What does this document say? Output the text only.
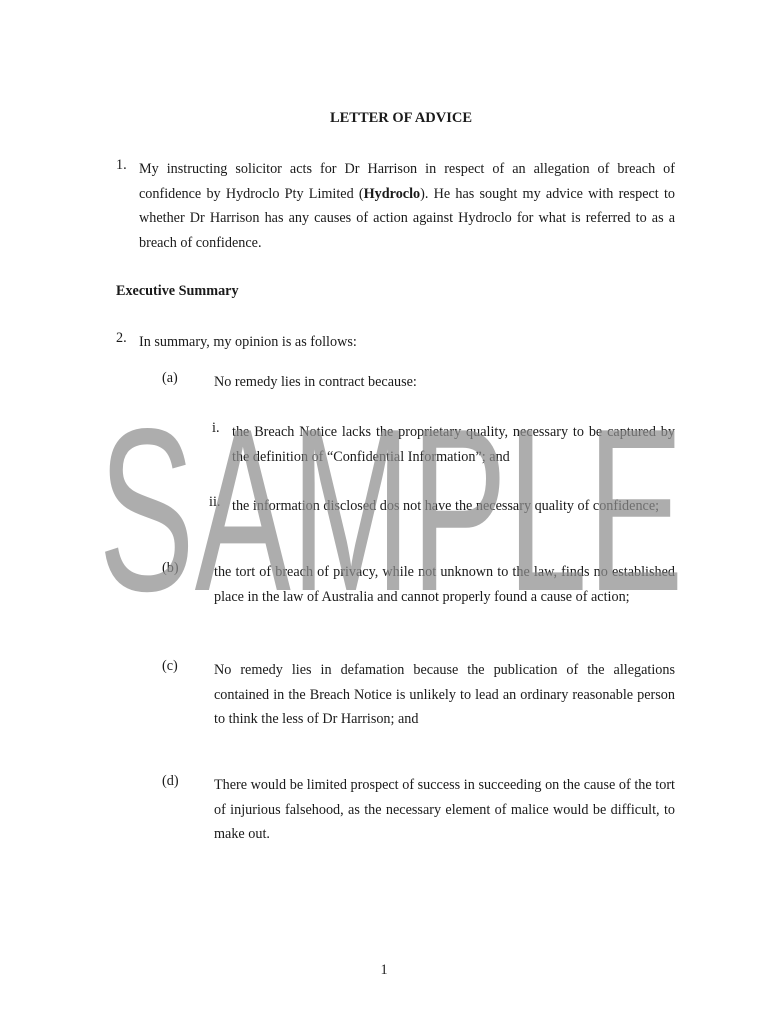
LETTER OF ADVICE
1. My instructing solicitor acts for Dr Harrison in respect of an allegation of breach of confidence by Hydroclo Pty Limited (Hydroclo). He has sought my advice with respect to whether Dr Harrison has any causes of action against Hydroclo for what is referred to as a breach of confidence.
Executive Summary
2. In summary, my opinion is as follows:
(a)	No remedy lies in contract because:
i. the Breach Notice lacks the proprietary quality, necessary to be captured by the definition of “Confidential Information”; and
ii. the information disclosed dos not have the necessary quality of confidence;
(b) the tort of breach of privacy, while not unknown to the law, finds no established place in the law of Australia and cannot properly found a cause of action;
(c)	No remedy lies in defamation because the publication of the allegations contained in the Breach Notice is unlikely to lead an ordinary reasonable person to think the less of Dr Harrison; and
(d) There would be limited prospect of success in succeeding on the cause of the tort of injurious falsehood, as the necessary element of malice would be difficult, to make out.
SAMPLE
1
